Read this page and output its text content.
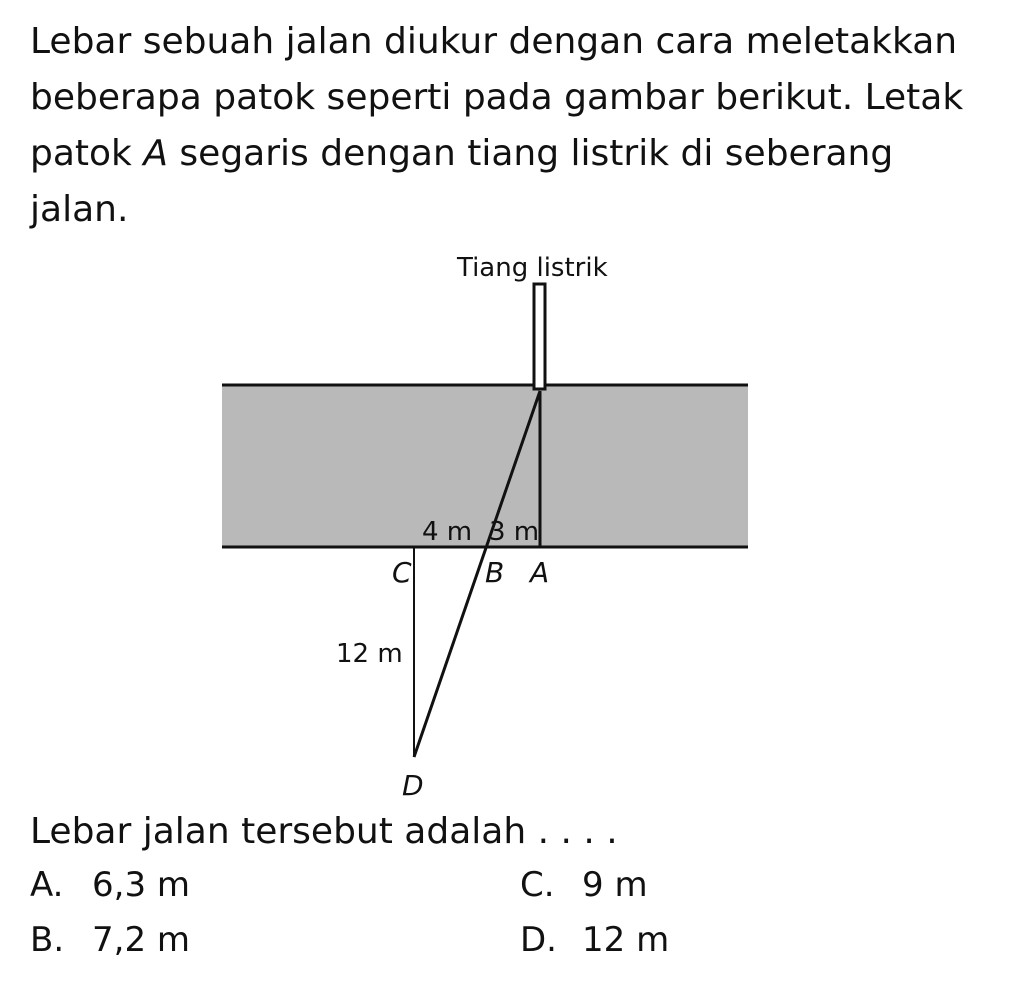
Lebar sebuah jalan diukur dengan cara meletakkan beberapa patok seperti pada gambar berikut. Letak patok A segaris dengan tiang listrik di seberang jalan.

Tiang listrik
4 m 3 m
12 m
C	B A
D

Lebar jalan tersebut adalah . . . .

A. 6,3 m
B. 7,2 m
C. 9 m
D. 12 m
